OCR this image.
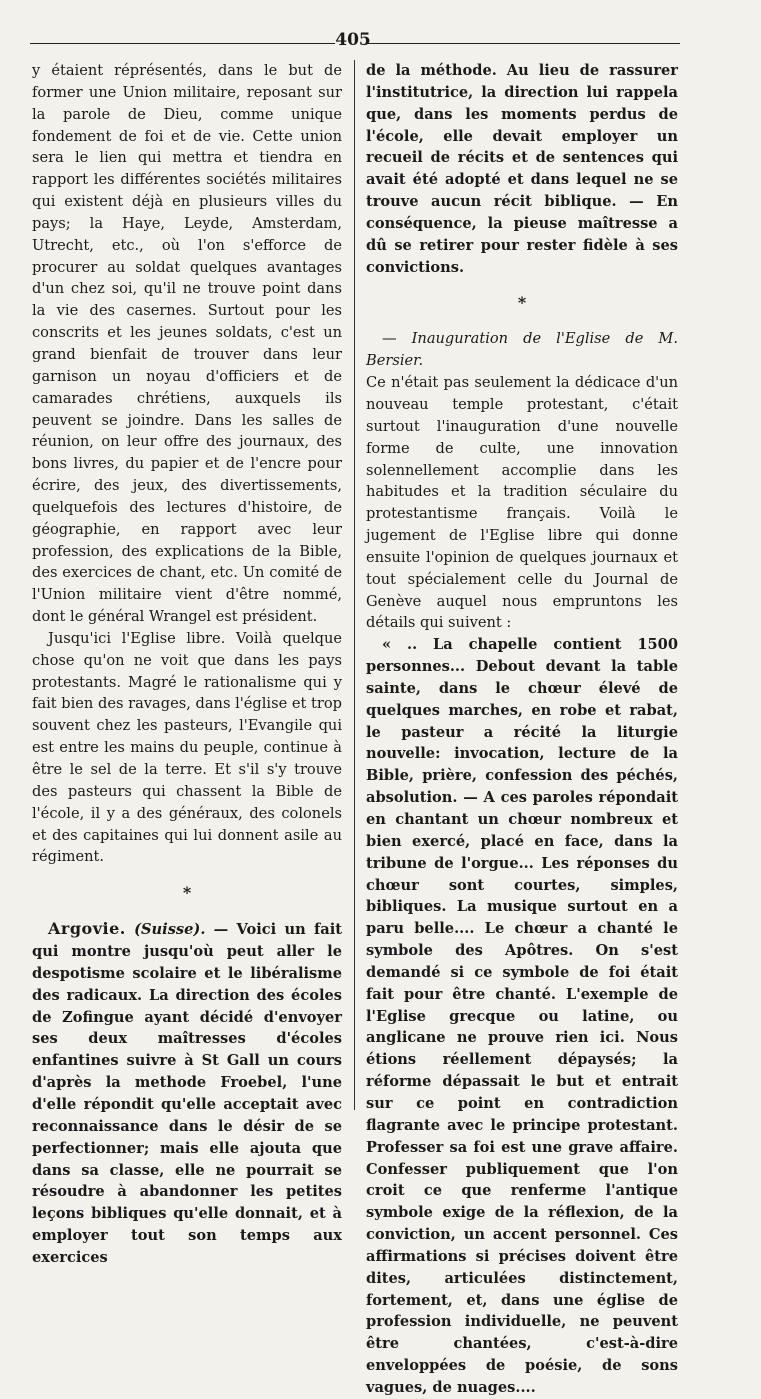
405

y étaient réprésentés, dans le but de former une Union militaire, reposant sur la parole de Dieu, comme unique fondement de foi et de vie. Cette union sera le lien qui mettra et tiendra en rapport les différentes sociétés militaires qui existent déjà en plusieurs villes du pays; la Haye, Leyde, Amsterdam, Utrecht, etc., où l'on s'efforce de procurer au soldat quelques avantages d'un chez soi, qu'il ne trouve point dans la vie des casernes. Surtout pour les conscrits et les jeunes soldats, c'est un grand bienfait de trouver dans leur garnison un noyau d'officiers et de camarades chrétiens, auxquels ils peuvent se joindre. Dans les salles de réunion, on leur offre des journaux, des bons livres, du papier et de l'encre pour écrire, des jeux, des divertissements, quelquefois des lectures d'histoire, de géographie, en rapport avec leur profession, des explications de la Bible, des exercices de chant, etc. Un comité de l'Union militaire vient d'être nommé, dont le général Wrangel est président.

Jusqu'ici l'Eglise libre. Voilà quelque chose qu'on ne voit que dans les pays protestants. Magré le rationalisme qui y fait bien des ravages, dans l'église et trop souvent chez les pasteurs, l'Evangile qui est entre les mains du peuple, continue à être le sel de la terre. Et s'il s'y trouve des pasteurs qui chassent la Bible de l'école, il y a des généraux, des colonels et des capitaines qui lui donnent asile au régiment.

*

Argovie. (Suisse). — Voici un fait qui montre jusqu'où peut aller le despotisme scolaire et le libéralisme des radicaux. La direction des écoles de Zofingue ayant décidé d'envoyer ses deux maîtresses d'écoles enfantines suivre à St Gall un cours d'après la methode Froebel, l'une d'elle répondit qu'elle acceptait avec reconnaissance dans le désir de se perfectionner; mais elle ajouta que dans sa classe, elle ne pourrait se résoudre à abandonner les petites leçons bibliques qu'elle donnait, et à employer tout son temps aux exercices

de la méthode. Au lieu de rassurer l'institutrice, la direction lui rappela que, dans les moments perdus de l'école, elle devait employer un recueil de récits et de sentences qui avait été adopté et dans lequel ne se trouve aucun récit biblique. — En conséquence, la pieuse maîtresse a dû se retirer pour rester fidèle à ses convictions.

*

— Inauguration de l'Eglise de M. Bersier.

Ce n'était pas seulement la dédicace d'un nouveau temple protestant, c'était surtout l'inauguration d'une nouvelle forme de culte, une innovation solennellement accomplie dans les habitudes et la tradition séculaire du protestantisme français. Voilà le jugement de l'Eglise libre qui donne ensuite l'opinion de quelques journaux et tout spécialement celle du Journal de Genève auquel nous empruntons les détails qui suivent :

« .. La chapelle contient 1500 personnes... Debout devant la table sainte, dans le chœur élevé de quelques marches, en robe et rabat, le pasteur a récité la liturgie nouvelle: invocation, lecture de la Bible, prière, confession des péchés, absolution. — A ces paroles répondait en chantant un chœur nombreux et bien exercé, placé en face, dans la tribune de l'orgue... Les réponses du chœur sont courtes, simples, bibliques. La musique surtout en a paru belle.... Le chœur a chanté le symbole des Apôtres. On s'est demandé si ce symbole de foi était fait pour être chanté. L'exemple de l'Eglise grecque ou latine, ou anglicane ne prouve rien ici. Nous étions réellement dépaysés; la réforme dépassait le but et entrait sur ce point en contradiction flagrante avec le principe protestant. Professer sa foi est une grave affaire. Confesser publiquement que l'on croit ce que renferme l'antique symbole exige de la réflexion, de la conviction, un accent personnel. Ces affirmations si précises doivent être dites, articulées distinctement, fortement, et, dans une église de profession individuelle, ne peuvent être chantées, c'est-à-dire enveloppées de poésie, de sons vagues, de nuages....
